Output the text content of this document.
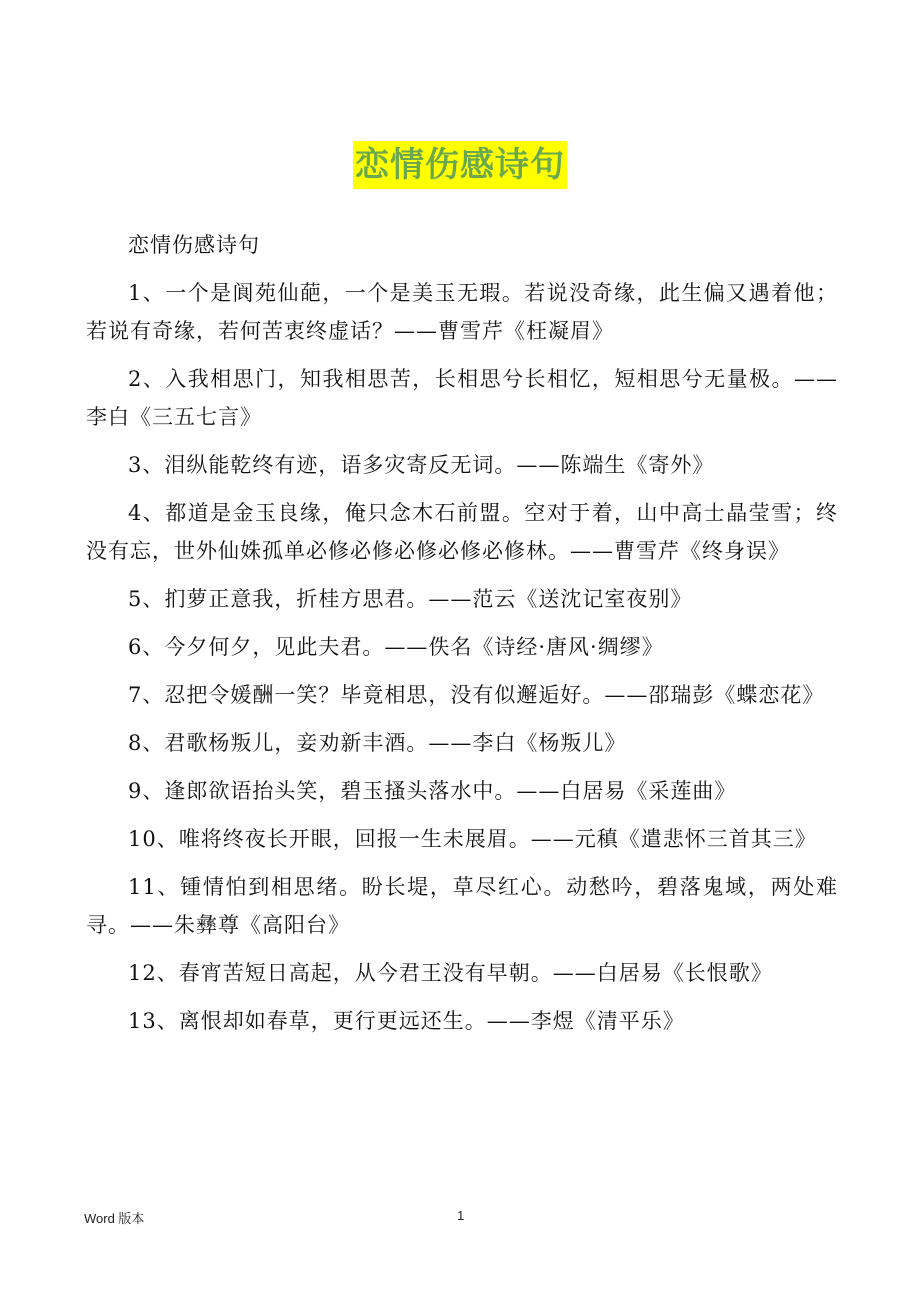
恋情伤感诗句

恋情伤感诗句

1、一个是阆苑仙葩，一个是美玉无瑕。若说没奇缘，此生偏又遇着他；若说有奇缘，若何苦衷终虚话？——曹雪芹《枉凝眉》

2、入我相思门，知我相思苦，长相思兮长相忆，短相思兮无量极。——李白《三五七言》

3、泪纵能乾终有迹，语多灾寄反无词。——陈端生《寄外》

4、都道是金玉良缘，俺只念木石前盟。空对于着，山中高士晶莹雪；终没有忘，世外仙姝孤单必修必修必修必修必修林。——曹雪芹《终身误》

5、扪萝正意我，折桂方思君。——范云《送沈记室夜别》

6、今夕何夕，见此夫君。——佚名《诗经·唐风·绸缪》

7、忍把令媛酬一笑？毕竟相思，没有似邂逅好。——邵瑞彭《蝶恋花》

8、君歌杨叛儿，妾劝新丰酒。——李白《杨叛儿》

9、逢郎欲语抬头笑，碧玉搔头落水中。——白居易《采莲曲》

10、唯将终夜长开眼，回报一生未展眉。——元稹《遣悲怀三首其三》

11、锺情怕到相思绪。盼长堤，草尽红心。动愁吟，碧落鬼域，两处难寻。——朱彝尊《高阳台》

12、春宵苦短日高起，从今君王没有早朝。——白居易《长恨歌》

13、离恨却如春草，更行更远还生。——李煜《清平乐》

Word 版本	1
